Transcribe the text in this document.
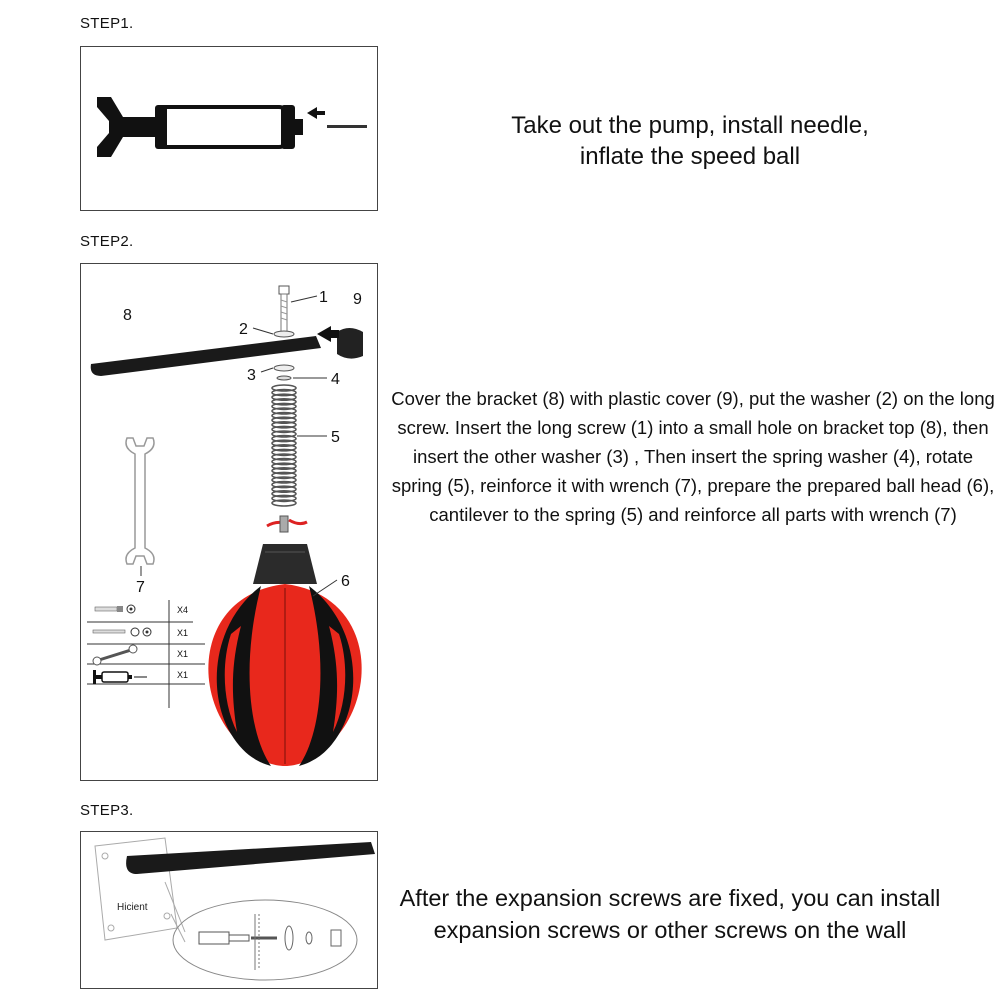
STEP1.
Take out the pump, install needle, inflate the speed ball
STEP2.
8
9
1
2
3	4
5
7	6
X4
X1
X1
X1
Cover the bracket (8) with plastic cover (9), put the washer (2) on the long screw. Insert the long screw (1) into a small hole on bracket top (8), then insert the other washer (3) , Then insert the spring washer (4), rotate spring (5), reinforce it with wrench (7), prepare the prepared ball head (6), cantilever to the spring (5) and reinforce all parts with wrench (7)
STEP3.
Hicient	After the expansion screws are fixed, you can install expansion screws or other screws on the wall
